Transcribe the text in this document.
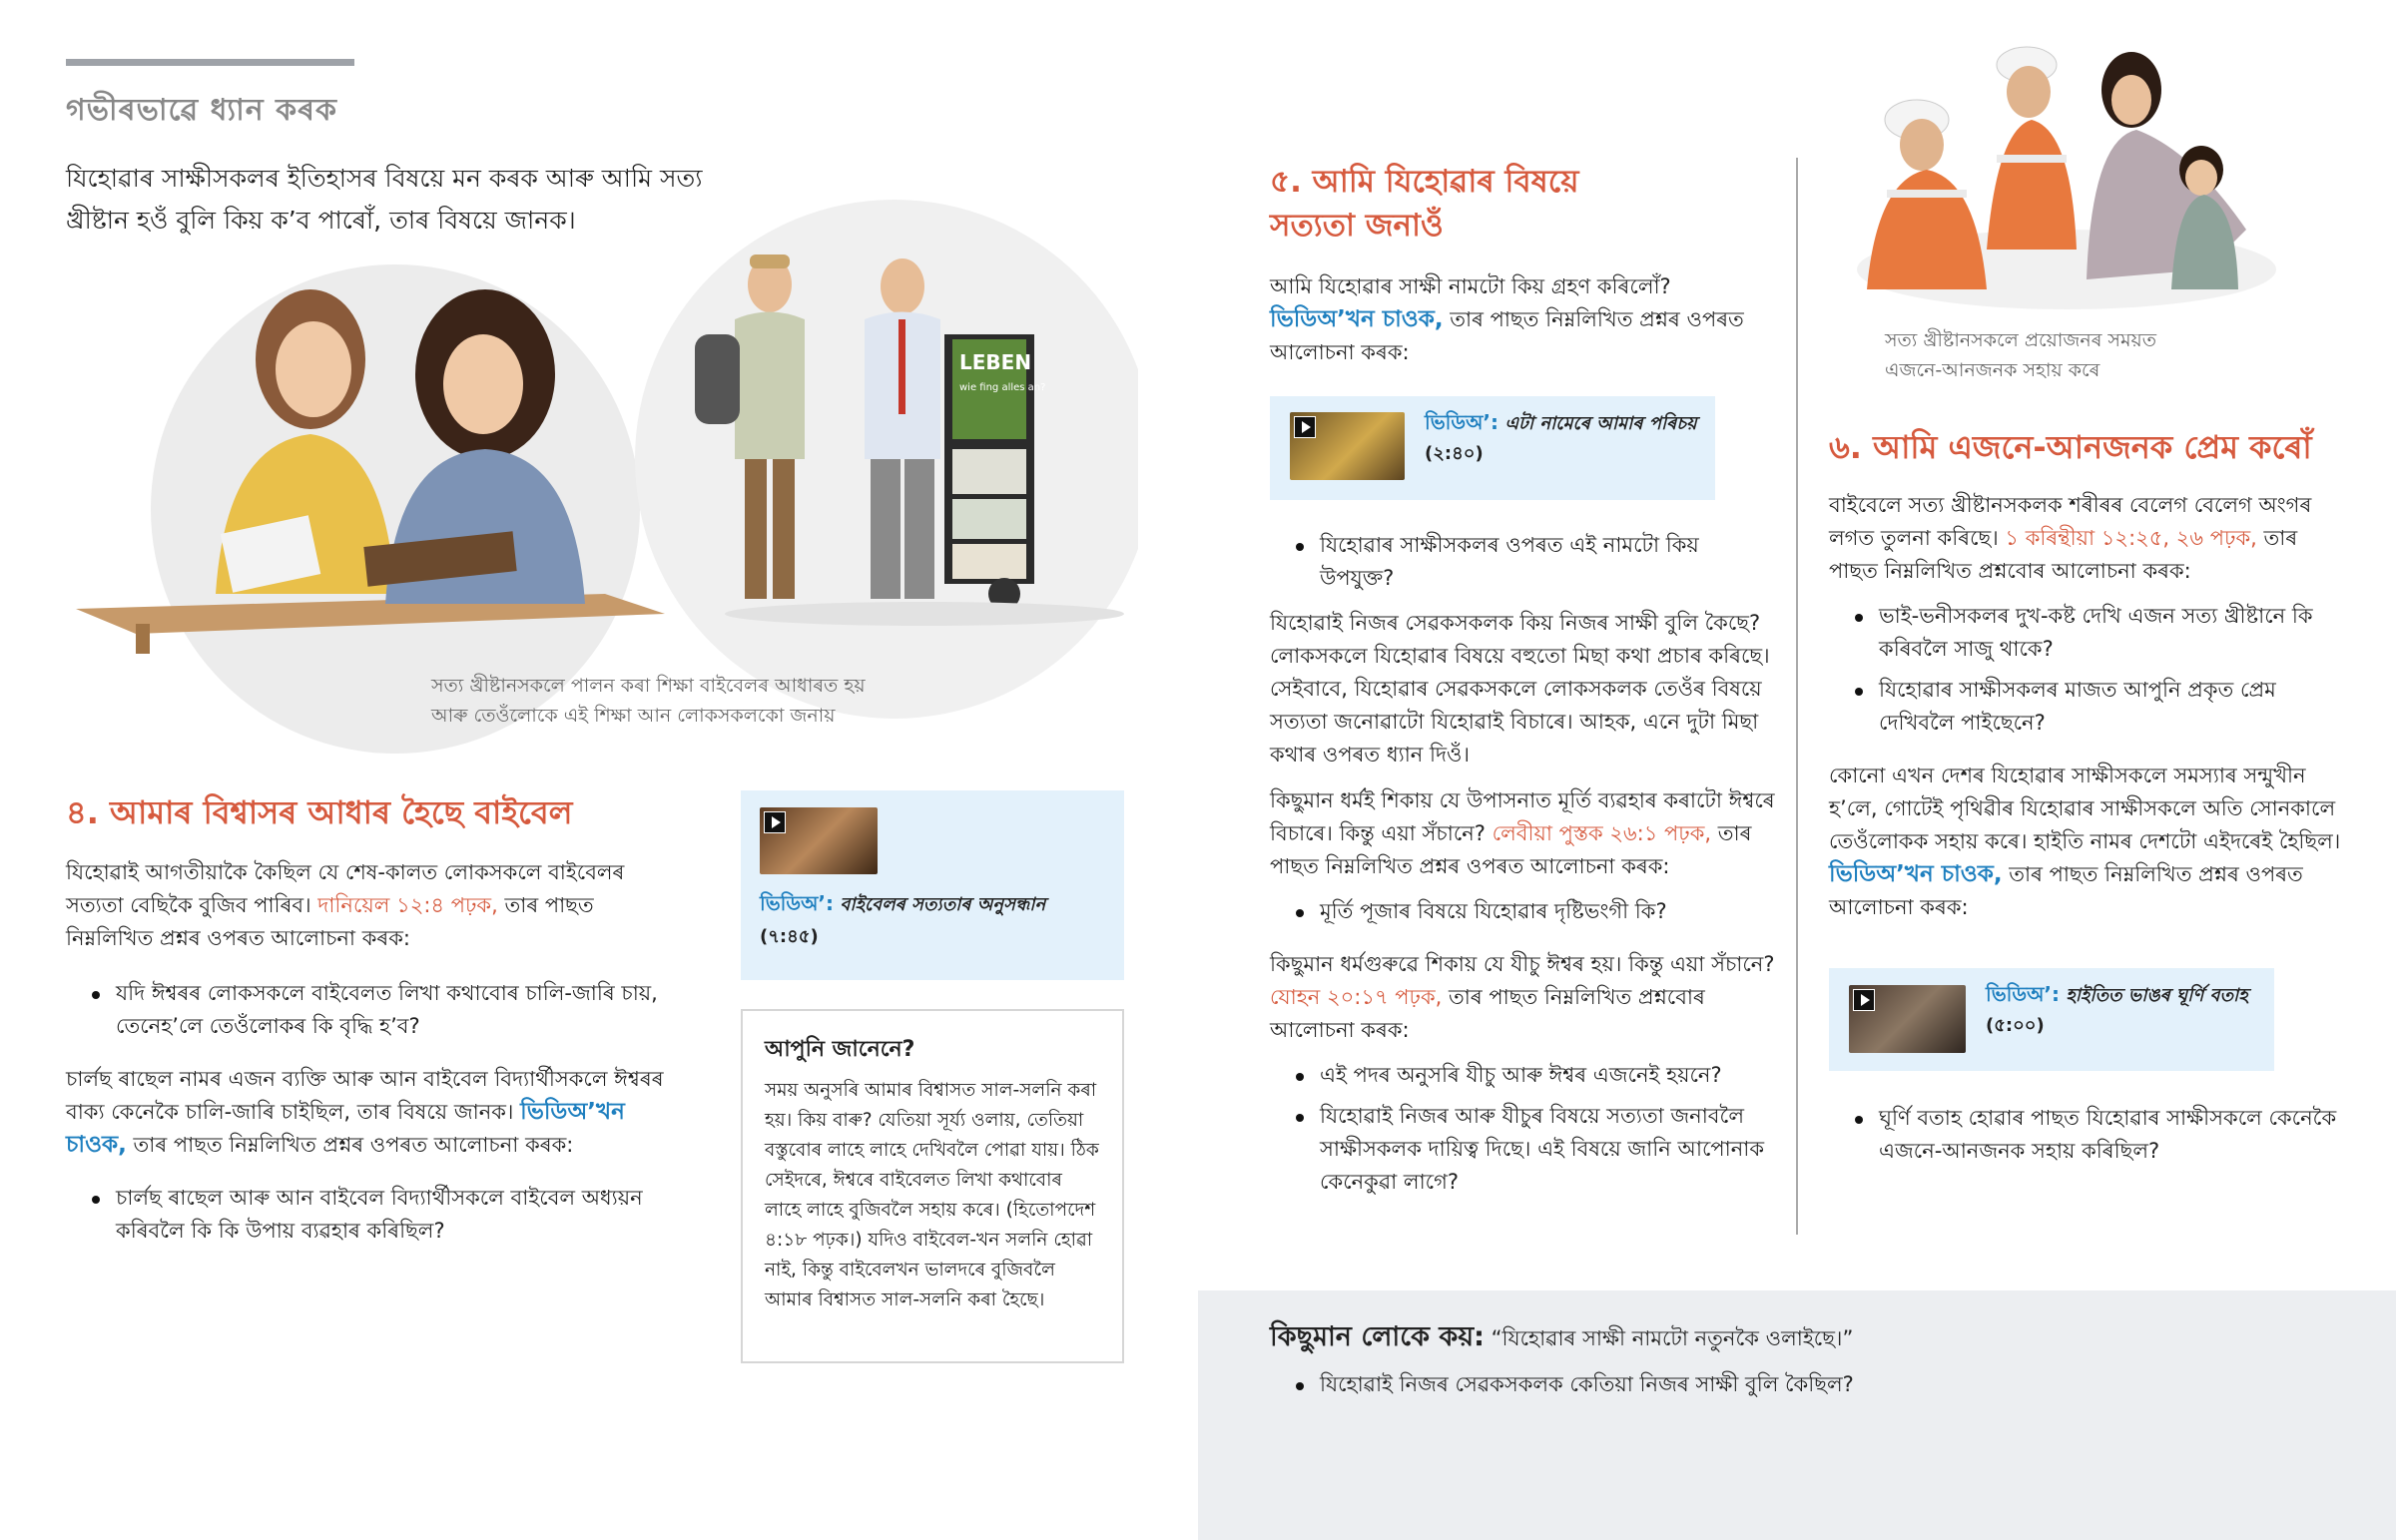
গভীৰভাৱে ধ্যান কৰক
যিহোৱাৰ সাক্ষীসকলৰ ইতিহাসৰ বিষয়ে মন কৰক আৰু আমি সত্য খ্ৰীষ্টান হওঁ বুলি কিয় ক’ব পাৰোঁ, তাৰ বিষয়ে জানক।
LEBEN
wie fing alles an?
সত্য খ্ৰীষ্টানসকলে পালন কৰা শিক্ষা বাইবেলৰ আধাৰত হয়
আৰু তেওঁলোকে এই শিক্ষা আন লোকসকলকো জনায়
৪. আমাৰ বিশ্বাসৰ আধাৰ হৈছে বাইবেল

যিহোৱাই আগতীয়াকৈ কৈছিল যে শেষ-কালত লোকসকলে বাইবেলৰ সত্যতা বেছিকৈ বুজিব পাৰিব। দানিয়েল ১২:৪ পঢ়ক, তাৰ পাছত নিম্নলিখিত প্ৰশ্নৰ ওপৰত আলোচনা কৰক:

যদি ঈশ্বৰৰ লোকসকলে বাইবেলত লিখা কথাবোৰ চালি-জাৰি চায়, তেনেহ’লে তেওঁলোকৰ কি বৃদ্ধি হ’ব?

চাৰ্লছ ৰাছেল নামৰ এজন ব্যক্তি আৰু আন বাইবেল বিদ্যাৰ্থীসকলে ঈশ্বৰৰ বাক্য কেনেকৈ চালি-জাৰি চাইছিল, তাৰ বিষয়ে জানক। ভিডিঅ’খন চাওক, তাৰ পাছত নিম্নলিখিত প্ৰশ্নৰ ওপৰত আলোচনা কৰক:

চাৰ্লছ ৰাছেল আৰু আন বাইবেল বিদ্যাৰ্থীসকলে বাইবেল অধ্যয়ন কৰিবলৈ কি কি উপায় ব্যৱহাৰ কৰিছিল?
ভিডিঅ’: বাইবেলৰ সত্যতাৰ অনুসন্ধান
(৭:৪৫)
আপুনি জানেনে?
সময় অনুসৰি আমাৰ বিশ্বাসত সাল-সলনি কৰা হয়। কিয় বাৰু? যেতিয়া সূৰ্য্য ওলায়, তেতিয়া বস্তুবোৰ লাহে লাহে দেখিবলৈ পোৱা যায়। ঠিক সেইদৰে, ঈশ্বৰে বাইবেলত লিখা কথাবোৰ লাহে লাহে বুজিবলৈ সহায় কৰে। (হিতোপদেশ ৪:১৮ পঢ়ক।) যদিও বাইবেল-খন সলনি হোৱা নাই, কিন্তু বাইবেলখন ভালদৰে বুজিবলৈ আমাৰ বিশ্বাসত সাল-সলনি কৰা হৈছে।
৫. আমি যিহোৱাৰ বিষয়ে
সত্যতা জনাওঁ

আমি যিহোৱাৰ সাক্ষী নামটো কিয় গ্ৰহণ কৰিলোঁ? ভিডিঅ’খন চাওক, তাৰ পাছত নিম্নলিখিত প্ৰশ্নৰ ওপৰত আলোচনা কৰক:

ভিডিঅ’: এটা নামেৰে আমাৰ পৰিচয় (২:৪০)
যিহোৱাৰ সাক্ষীসকলৰ ওপৰত এই নামটো কিয় উপযুক্ত?

যিহোৱাই নিজৰ সেৱকসকলক কিয় নিজৰ সাক্ষী বুলি কৈছে? লোকসকলে যিহোৱাৰ বিষয়ে বহুতো মিছা কথা প্ৰচাৰ কৰিছে। সেইবাবে, যিহোৱাৰ সেৱকসকলে লোকসকলক তেওঁৰ বিষয়ে সত্যতা জনোৱাটো যিহোৱাই বিচাৰে। আহক, এনে দুটা মিছা কথাৰ ওপৰত ধ্যান দিওঁ।

কিছুমান ধৰ্মই শিকায় যে উপাসনাত মূৰ্তি ব্যৱহাৰ কৰাটো ঈশ্বৰে বিচাৰে। কিন্তু এয়া সঁচানে? লেবীয়া পুস্তক ২৬:১ পঢ়ক, তাৰ পাছত নিম্নলিখিত প্ৰশ্নৰ ওপৰত আলোচনা কৰক:

মূৰ্তি পূজাৰ বিষয়ে যিহোৱাৰ দৃষ্টিভংগী কি?

কিছুমান ধৰ্মগুৰুৱে শিকায় যে যীচু ঈশ্বৰ হয়। কিন্তু এয়া সঁচানে? যোহন ২০:১৭ পঢ়ক, তাৰ পাছত নিম্নলিখিত প্ৰশ্নবোৰ আলোচনা কৰক:

এই পদৰ অনুসৰি যীচু আৰু ঈশ্বৰ এজনেই হয়নে?
যিহোৱাই নিজৰ আৰু যীচুৰ বিষয়ে সত্যতা জনাবলৈ সাক্ষীসকলক দায়িত্ব দিছে। এই বিষয়ে জানি আপোনাক কেনেকুৱা লাগে?
সত্য খ্ৰীষ্টানসকলে প্ৰয়োজনৰ সময়ত
এজনে-আনজনক সহায় কৰে
৬. আমি এজনে-আনজনক প্ৰেম কৰোঁ

বাইবেলে সত্য খ্ৰীষ্টানসকলক শৰীৰৰ বেলেগ বেলেগ অংগৰ লগত তুলনা কৰিছে। ১ কৰিন্থীয়া ১২:২৫, ২৬ পঢ়ক, তাৰ পাছত নিম্নলিখিত প্ৰশ্নবোৰ আলোচনা কৰক:

ভাই-ভনীসকলৰ দুখ-কষ্ট দেখি এজন সত্য খ্ৰীষ্টানে কি কৰিবলৈ সাজু থাকে?
যিহোৱাৰ সাক্ষীসকলৰ মাজত আপুনি প্ৰকৃত প্ৰেম দেখিবলৈ পাইছেনে?

কোনো এখন দেশৰ যিহোৱাৰ সাক্ষীসকলে সমস্যাৰ সন্মুখীন হ’লে, গোটেই পৃথিৱীৰ যিহোৱাৰ সাক্ষীসকলে অতি সোনকালে তেওঁলোকক সহায় কৰে। হাইতি নামৰ দেশটো এইদৰেই হৈছিল। ভিডিঅ’খন চাওক, তাৰ পাছত নিম্নলিখিত প্ৰশ্নৰ ওপৰত আলোচনা কৰক:

ভিডিঅ’: হাইতিত ভাঙৰ ঘূৰ্ণি বতাহ
(৫:০০)
ঘূৰ্ণি বতাহ হোৱাৰ পাছত যিহোৱাৰ সাক্ষীসকলে কেনেকৈ এজনে-আনজনক সহায় কৰিছিল?
কিছুমান লোকে কয়: “যিহোৱাৰ সাক্ষী নামটো নতুনকৈ ওলাইছে।”
যিহোৱাই নিজৰ সেৱকসকলক কেতিয়া নিজৰ সাক্ষী বুলি কৈছিল?
